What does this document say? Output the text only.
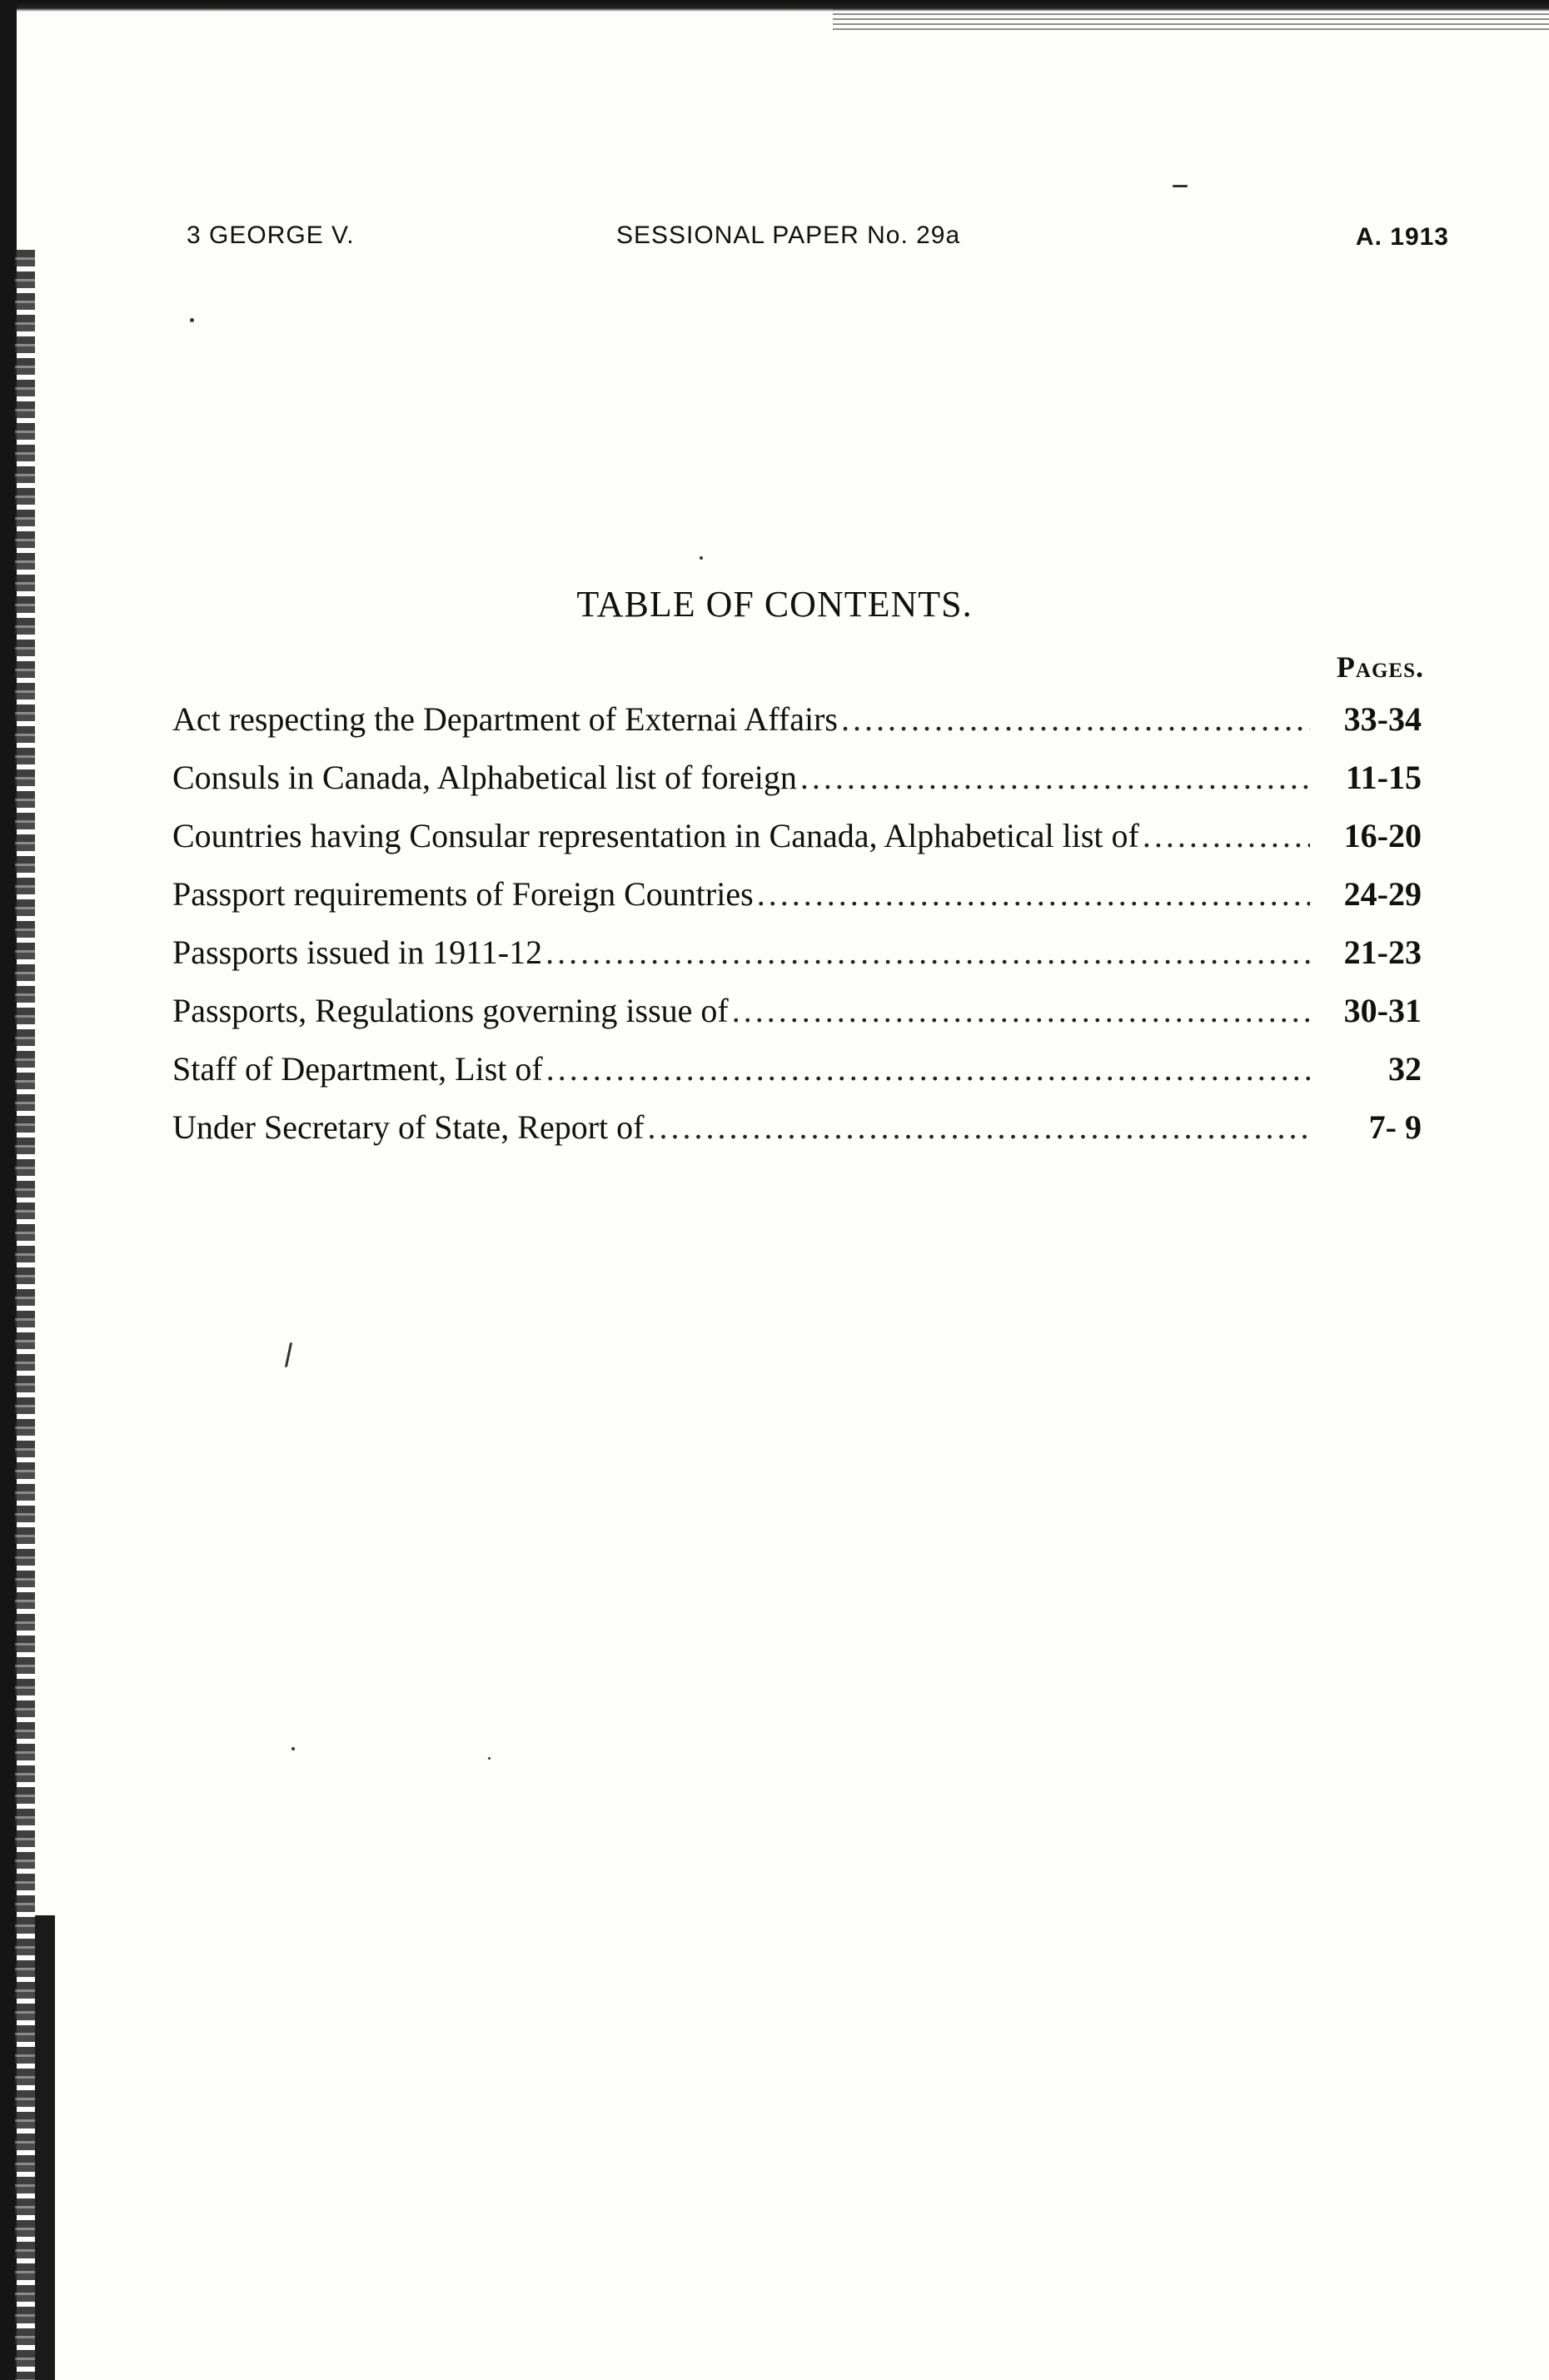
3 GEORGE V.	SESSIONAL PAPER No. 29a	A. 1913
TABLE OF CONTENTS.
Pages.
Act respecting the Department of Externai Affairs .....	33-34
Consuls in Canada, Alphabetical list of foreign .....	11-15
Countries having Consular representation in Canada, Alphabetical list of .....	16-20
Passport requirements of Foreign Countries .....	24-29
Passports issued in 1911-12 .....	21-23
Passports, Regulations governing issue of .....	30-31
Staff of Department, List of .....	32
Under Secretary of State, Report of .....	7- 9
